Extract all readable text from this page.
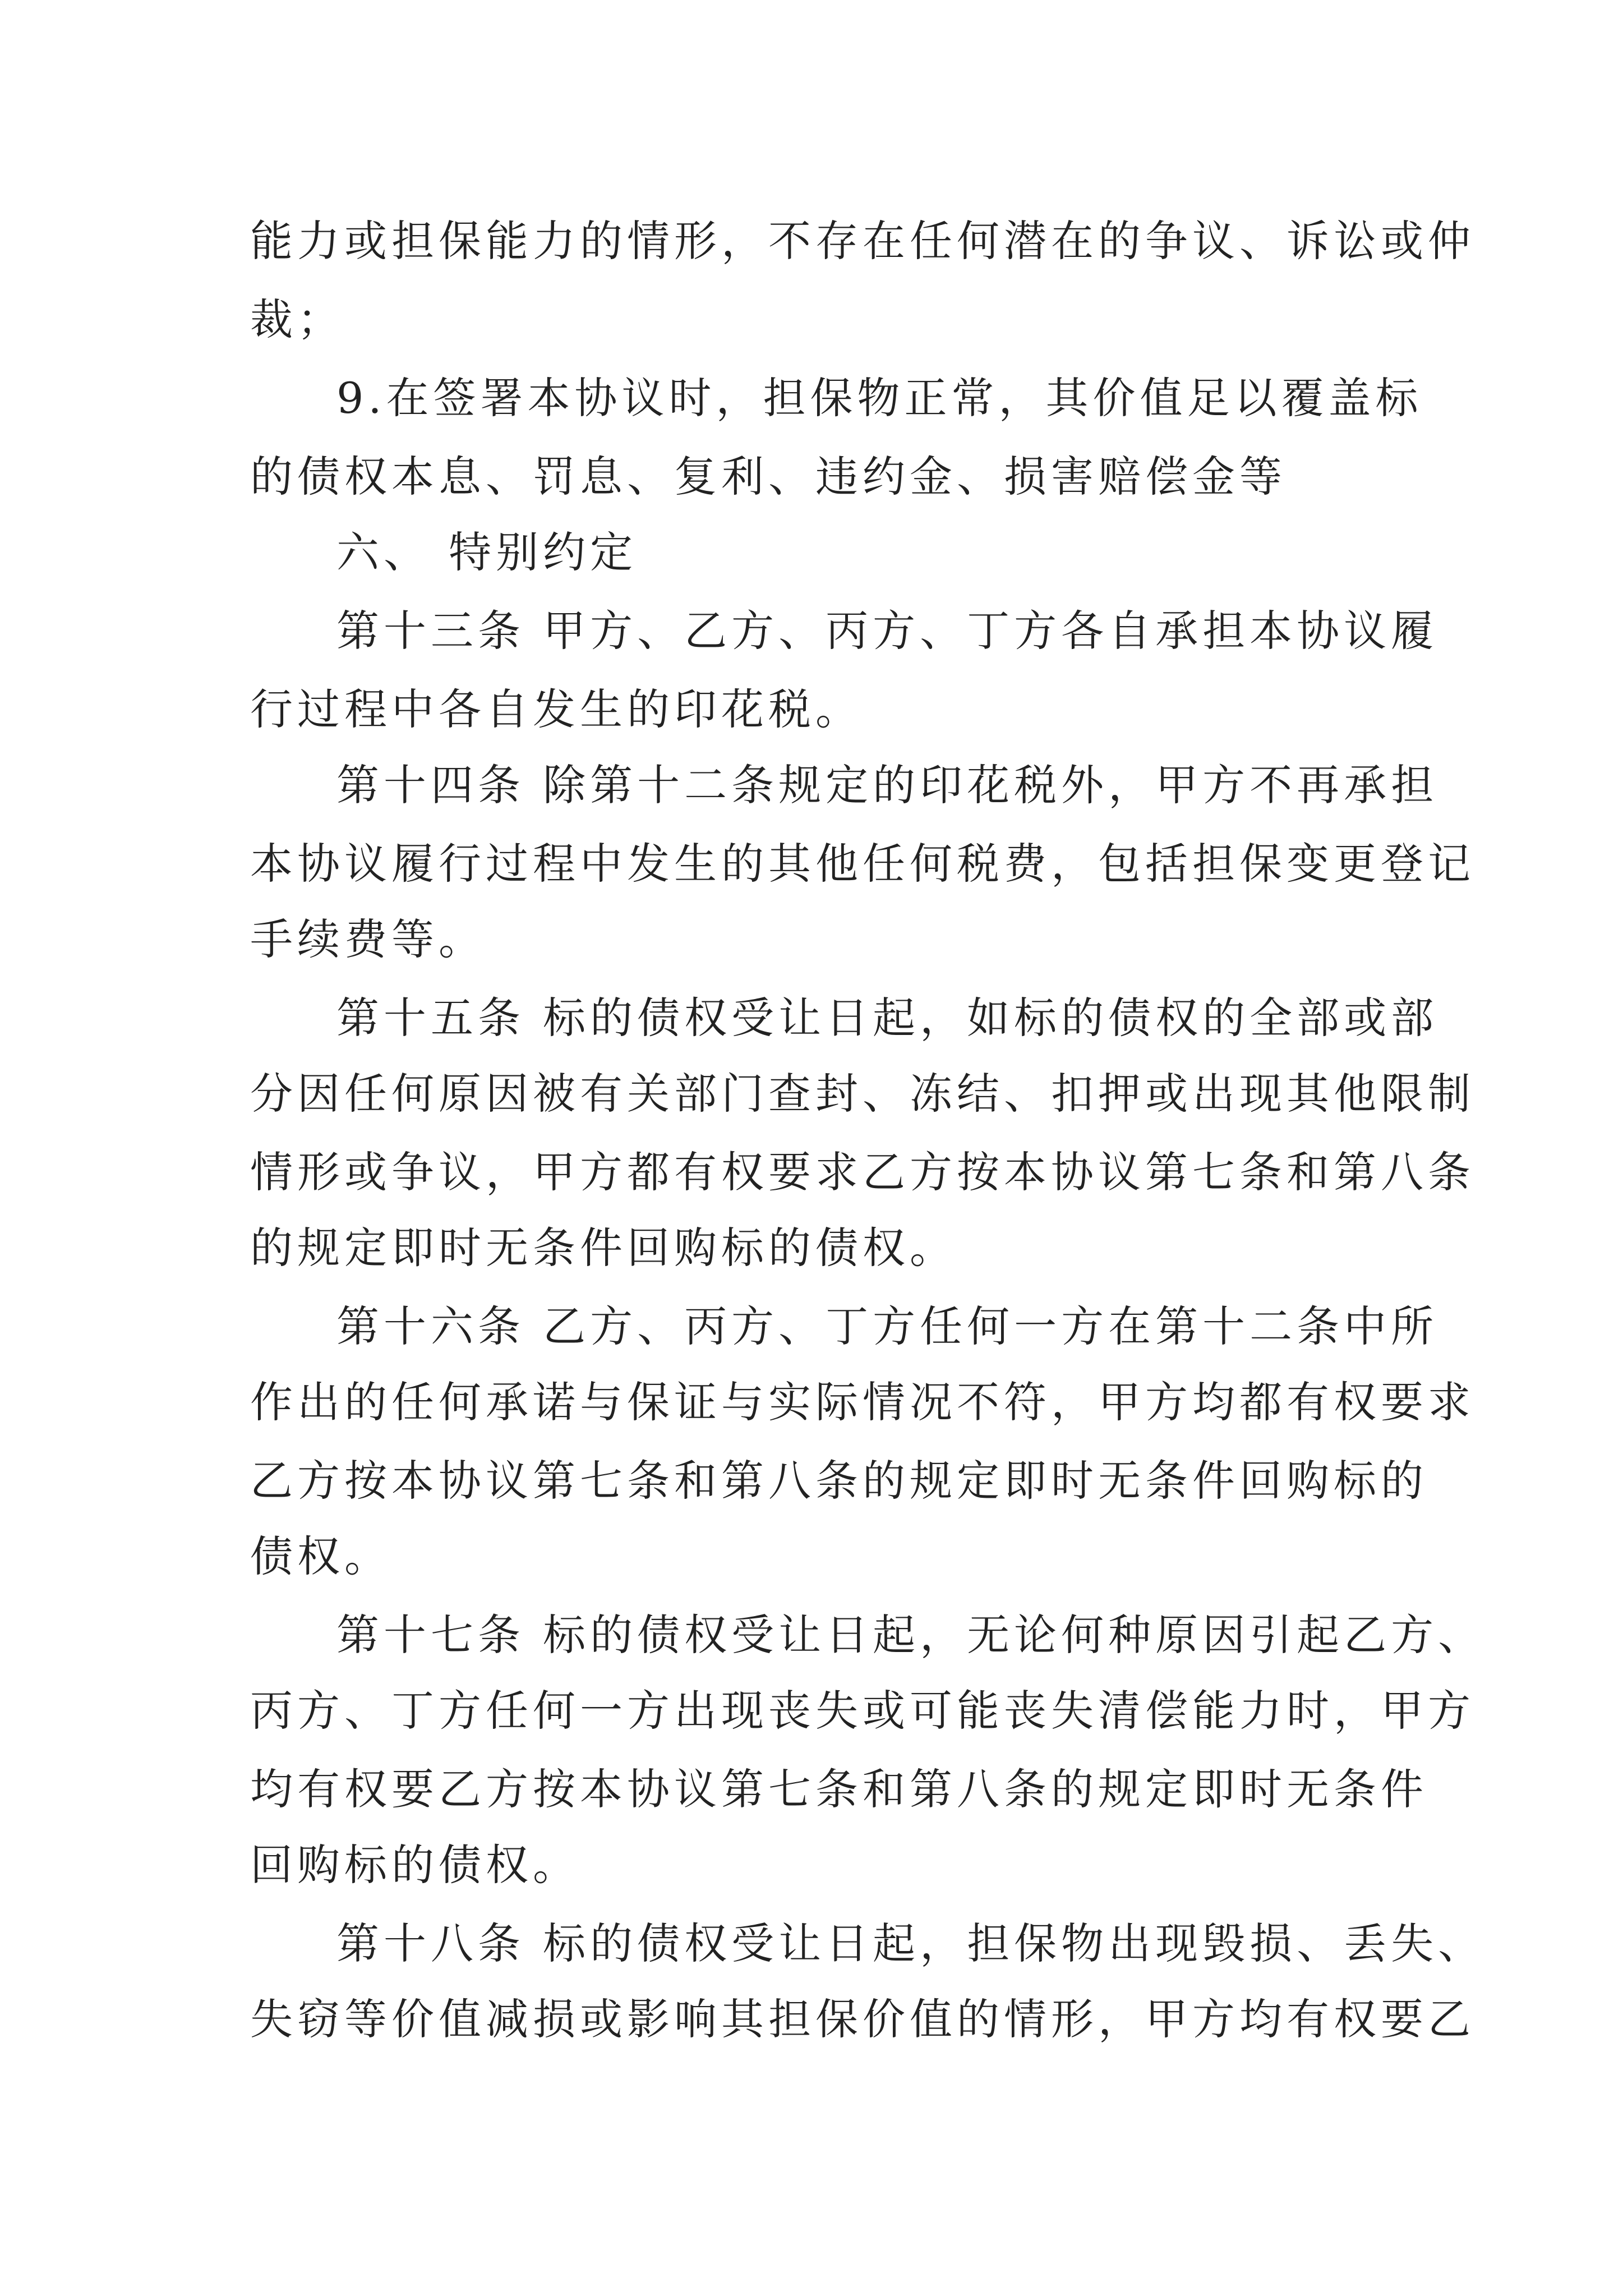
能力或担保能力的情形，不存在任何潜在的争议、诉讼或仲
裁；
9.在签署本协议时，担保物正常，其价值足以覆盖标
的债权本息、罚息、复利、违约金、损害赔偿金等
六、 特别约定
第十三条 甲方、乙方、丙方、丁方各自承担本协议履
行过程中各自发生的印花税。
第十四条 除第十二条规定的印花税外，甲方不再承担
本协议履行过程中发生的其他任何税费，包括担保变更登记
手续费等。
第十五条 标的债权受让日起，如标的债权的全部或部
分因任何原因被有关部门查封、冻结、扣押或出现其他限制
情形或争议，甲方都有权要求乙方按本协议第七条和第八条
的规定即时无条件回购标的债权。
第十六条 乙方、丙方、丁方任何一方在第十二条中所
作出的任何承诺与保证与实际情况不符，甲方均都有权要求
乙方按本协议第七条和第八条的规定即时无条件回购标的
债权。
第十七条 标的债权受让日起，无论何种原因引起乙方、
丙方、丁方任何一方出现丧失或可能丧失清偿能力时，甲方
均有权要乙方按本协议第七条和第八条的规定即时无条件
回购标的债权。
第十八条 标的债权受让日起，担保物出现毁损、丢失、
失窃等价值减损或影响其担保价值的情形，甲方均有权要乙
